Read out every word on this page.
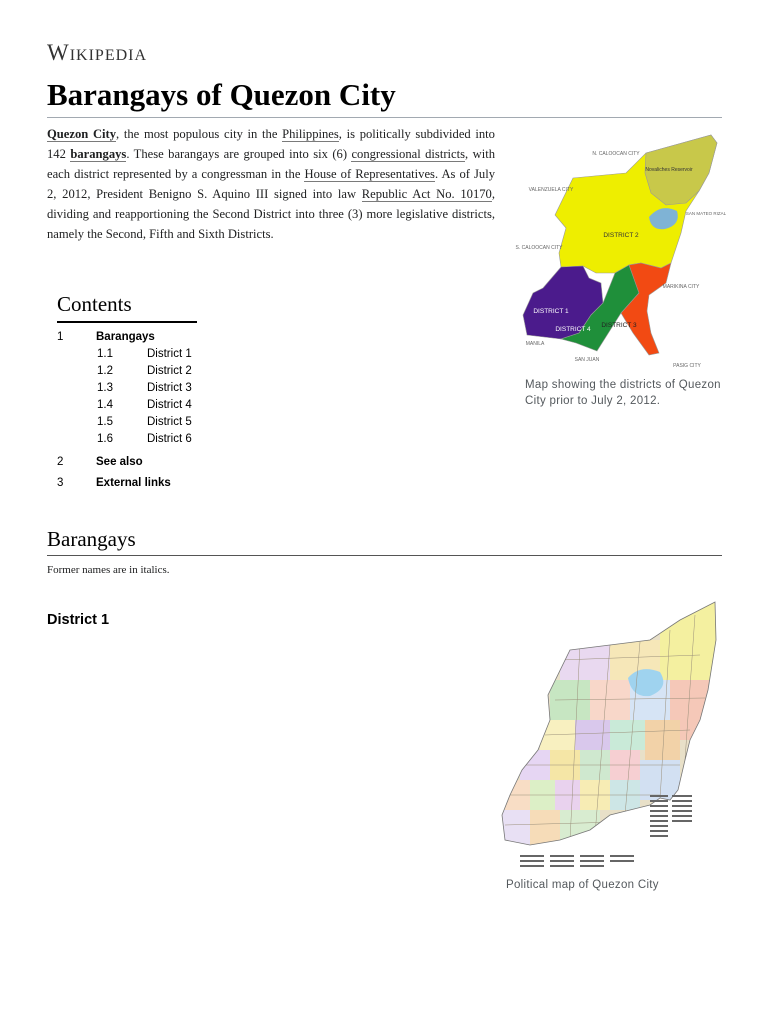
Wikipedia
Barangays of Quezon City

Quezon City, the most populous city in the Philippines, is politically subdivided into 142 barangays. These barangays are grouped into six (6) congressional districts, with each district represented by a congressman in the House of Representatives. As of July 2, 2012, President Benigno S. Aquino III signed into law Republic Act No. 10170, dividing and reapportioning the Second District into three (3) more legislative districts, namely the Second, Fifth and Sixth Districts.

N. CALOOCAN CITY
Novaliches Reservoir
VALENZUELA CITY
DISTRICT 2
SAN MATEO RIZAL
S. CALOOCAN CITY
MARIKINA CITY
DISTRICT 1
DISTRICT 4
DISTRICT 3
MANILA
SAN JUAN
PASIG CITY
Map showing the districts of Quezon City prior to July 2, 2012.
Contents
1	Barangays
1.1	District 1
1.2	District 2
1.3	District 3
1.4	District 4
1.5	District 5
1.6	District 6
2	See also
3	External links
Barangays

Former names are in italics.

District 1
Political map of Quezon City
